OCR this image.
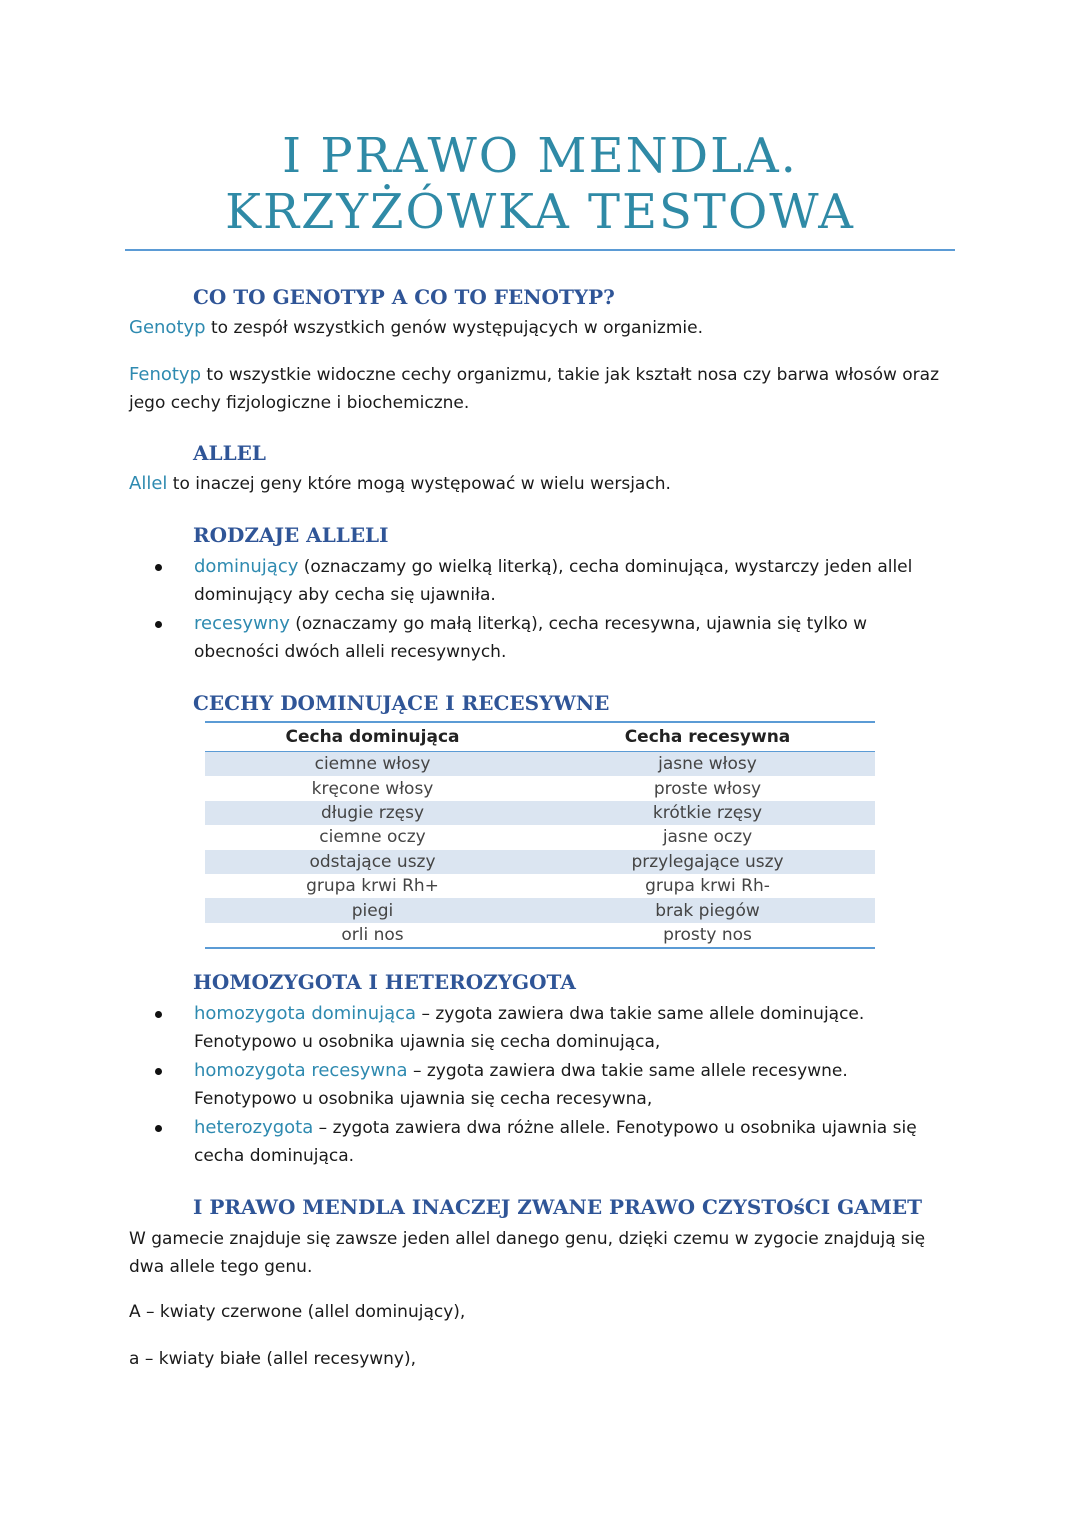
I PRAWO MENDLA.
KRZYŻÓWKA TESTOWA
CO TO GENOTYP A CO TO FENOTYP?
Genotyp to zespół wszystkich genów występujących w organizmie.
Fenotyp to wszystkie widoczne cechy organizmu, takie jak kształt nosa czy barwa włosów oraz jego cechy fizjologiczne i biochemiczne.
ALLEL
Allel to inaczej geny które mogą występować w wielu wersjach.
RODZAJE ALLELI
dominujący (oznaczamy go wielką literką), cecha dominująca, wystarczy jeden allel dominujący aby cecha się ujawniła.
recesywny (oznaczamy go małą literką), cecha recesywna, ujawnia się tylko w obecności dwóch alleli recesywnych.
CECHY DOMINUJĄCE I RECESYWNE
Cecha dominująca	Cecha recesywna
ciemne włosy	jasne włosy
kręcone włosy	proste włosy
długie rzęsy	krótkie rzęsy
ciemne oczy	jasne oczy
odstające uszy	przylegające uszy
grupa krwi Rh+	grupa krwi Rh-
piegi	brak piegów
orli nos	prosty nos
HOMOZYGOTA I HETEROZYGOTA
homozygota dominująca – zygota zawiera dwa takie same allele dominujące. Fenotypowo u osobnika ujawnia się cecha dominująca,
homozygota recesywna – zygota zawiera dwa takie same allele recesywne. Fenotypowo u osobnika ujawnia się cecha recesywna,
heterozygota – zygota zawiera dwa różne allele. Fenotypowo u osobnika ujawnia się cecha dominująca.
I PRAWO MENDLA INACZEJ ZWANE PRAWO CZYSTOśCI GAMET
W gamecie znajduje się zawsze jeden allel danego genu, dzięki czemu w zygocie znajdują się dwa allele tego genu.
A – kwiaty czerwone (allel dominujący),
a – kwiaty białe (allel recesywny),
